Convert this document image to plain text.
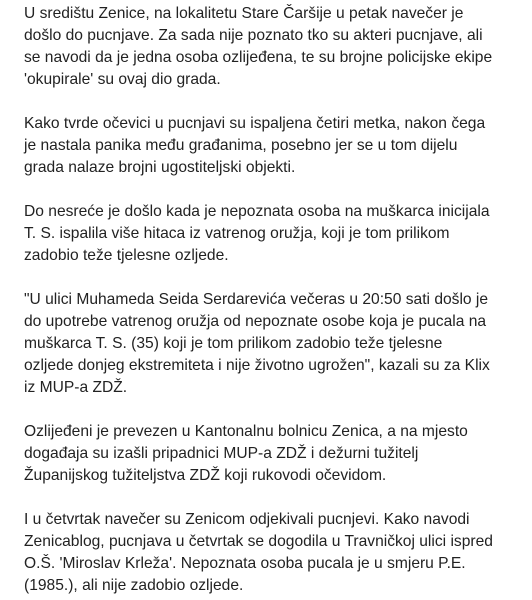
U središtu Zenice, na lokalitetu Stare Čaršije u petak navečer je
došlo do pucnjave. Za sada nije poznato tko su akteri pucnjave, ali
se navodi da je jedna osoba ozlijeđena, te su brojne policijske ekipe
'okupirale' su ovaj dio grada.

Kako tvrde očevici u pucnjavi su ispaljena četiri metka, nakon čega
je nastala panika među građanima, posebno jer se u tom dijelu
grada nalaze brojni ugostiteljski objekti.

Do nesreće je došlo kada je nepoznata osoba na muškarca inicijala
T. S. ispalila više hitaca iz vatrenog oružja, koji je tom prilikom
zadobio teže tjelesne ozljede.

"U ulici Muhameda Seida Serdarevića večeras u 20:50 sati došlo je
do upotrebe vatrenog oružja od nepoznate osobe koja je pucala na
muškarca T. S. (35) koji je tom prilikom zadobio teže tjelesne
ozljede donjeg ekstremiteta i nije životno ugrožen", kazali su za Klix
iz MUP-a ZDŽ.

Ozlijeđeni je prevezen u Kantonalnu bolnicu Zenica, a na mjesto
događaja su izašli pripadnici MUP-a ZDŽ i dežurni tužitelj
Županijskog tužiteljstva ZDŽ koji rukovodi očevidom.

I u četvrtak navečer su Zenicom odjekivali pucnjevi. Kako navodi
Zenicablog, pucnjava u četvrtak se dogodila u Travničkoj ulici ispred
O.Š. 'Miroslav Krleža'. Nepoznata osoba pucala je u smjeru P.E.
(1985.), ali nije zadobio ozljede.
